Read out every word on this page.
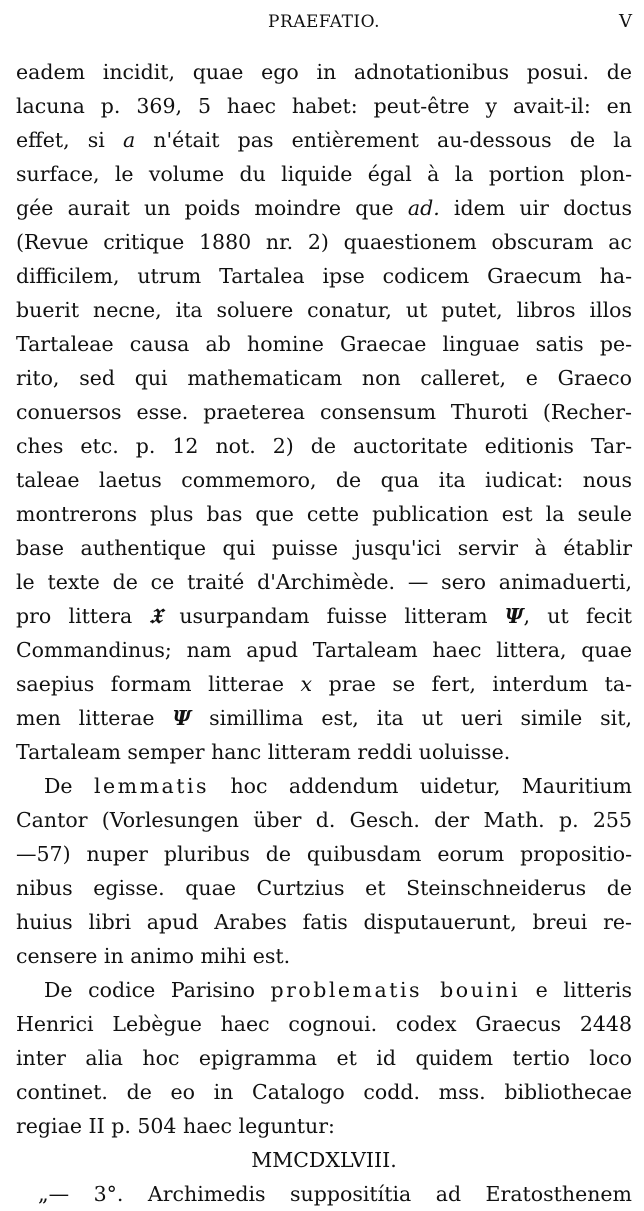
PRAEFATIO.	V
eadem incidit, quae ego in adnotationibus posui. de
lacuna p. 369, 5 haec habet: peut-être y avait-il: en
effet, si a n'était pas entièrement au-dessous de la
surface, le volume du liquide égal à la portion plon-
gée aurait un poids moindre que ad. idem uir doctus
(Revue critique 1880 nr. 2) quaestionem obscuram ac
difficilem, utrum Tartalea ipse codicem Graecum ha-
buerit necne, ita soluere conatur, ut putet, libros illos
Tartaleae causa ab homine Graecae linguae satis pe-
rito, sed qui mathematicam non calleret, e Graeco
conuersos esse. praeterea consensum Thuroti (Recher-
ches etc. p. 12 not. 2) de auctoritate editionis Tar-
taleae laetus commemoro, de qua ita iudicat: nous
montrerons plus bas que cette publication est la seule
base authentique qui puisse jusqu'ici servir à établir
le texte de ce traité d'Archimède. — sero animaduerti,
pro littera 𝔛 usurpandam fuisse litteram Ψ, ut fecit
Commandinus; nam apud Tartaleam haec littera, quae
saepius formam litterae x prae se fert, interdum ta-
men litterae Ψ simillima est, ita ut ueri simile sit,
Tartaleam semper hanc litteram reddi uoluisse.
De lemmatis hoc addendum uidetur, Mauritium
Cantor (Vorlesungen über d. Gesch. der Math. p. 255
—57) nuper pluribus de quibusdam eorum propositio-
nibus egisse. quae Curtzius et Steinschneiderus de
huius libri apud Arabes fatis disputauerunt, breui re-
censere in animo mihi est.
De codice Parisino problematis bouini e litteris
Henrici Lebègue haec cognoui. codex Graecus 2448
inter alia hoc epigramma et id quidem tertio loco
continet. de eo in Catalogo codd. mss. bibliothecae
regiae II p. 504 haec leguntur:
MMCDXLVIII.
„— 3°. Archimedis suppositítia ad Eratosthenem
